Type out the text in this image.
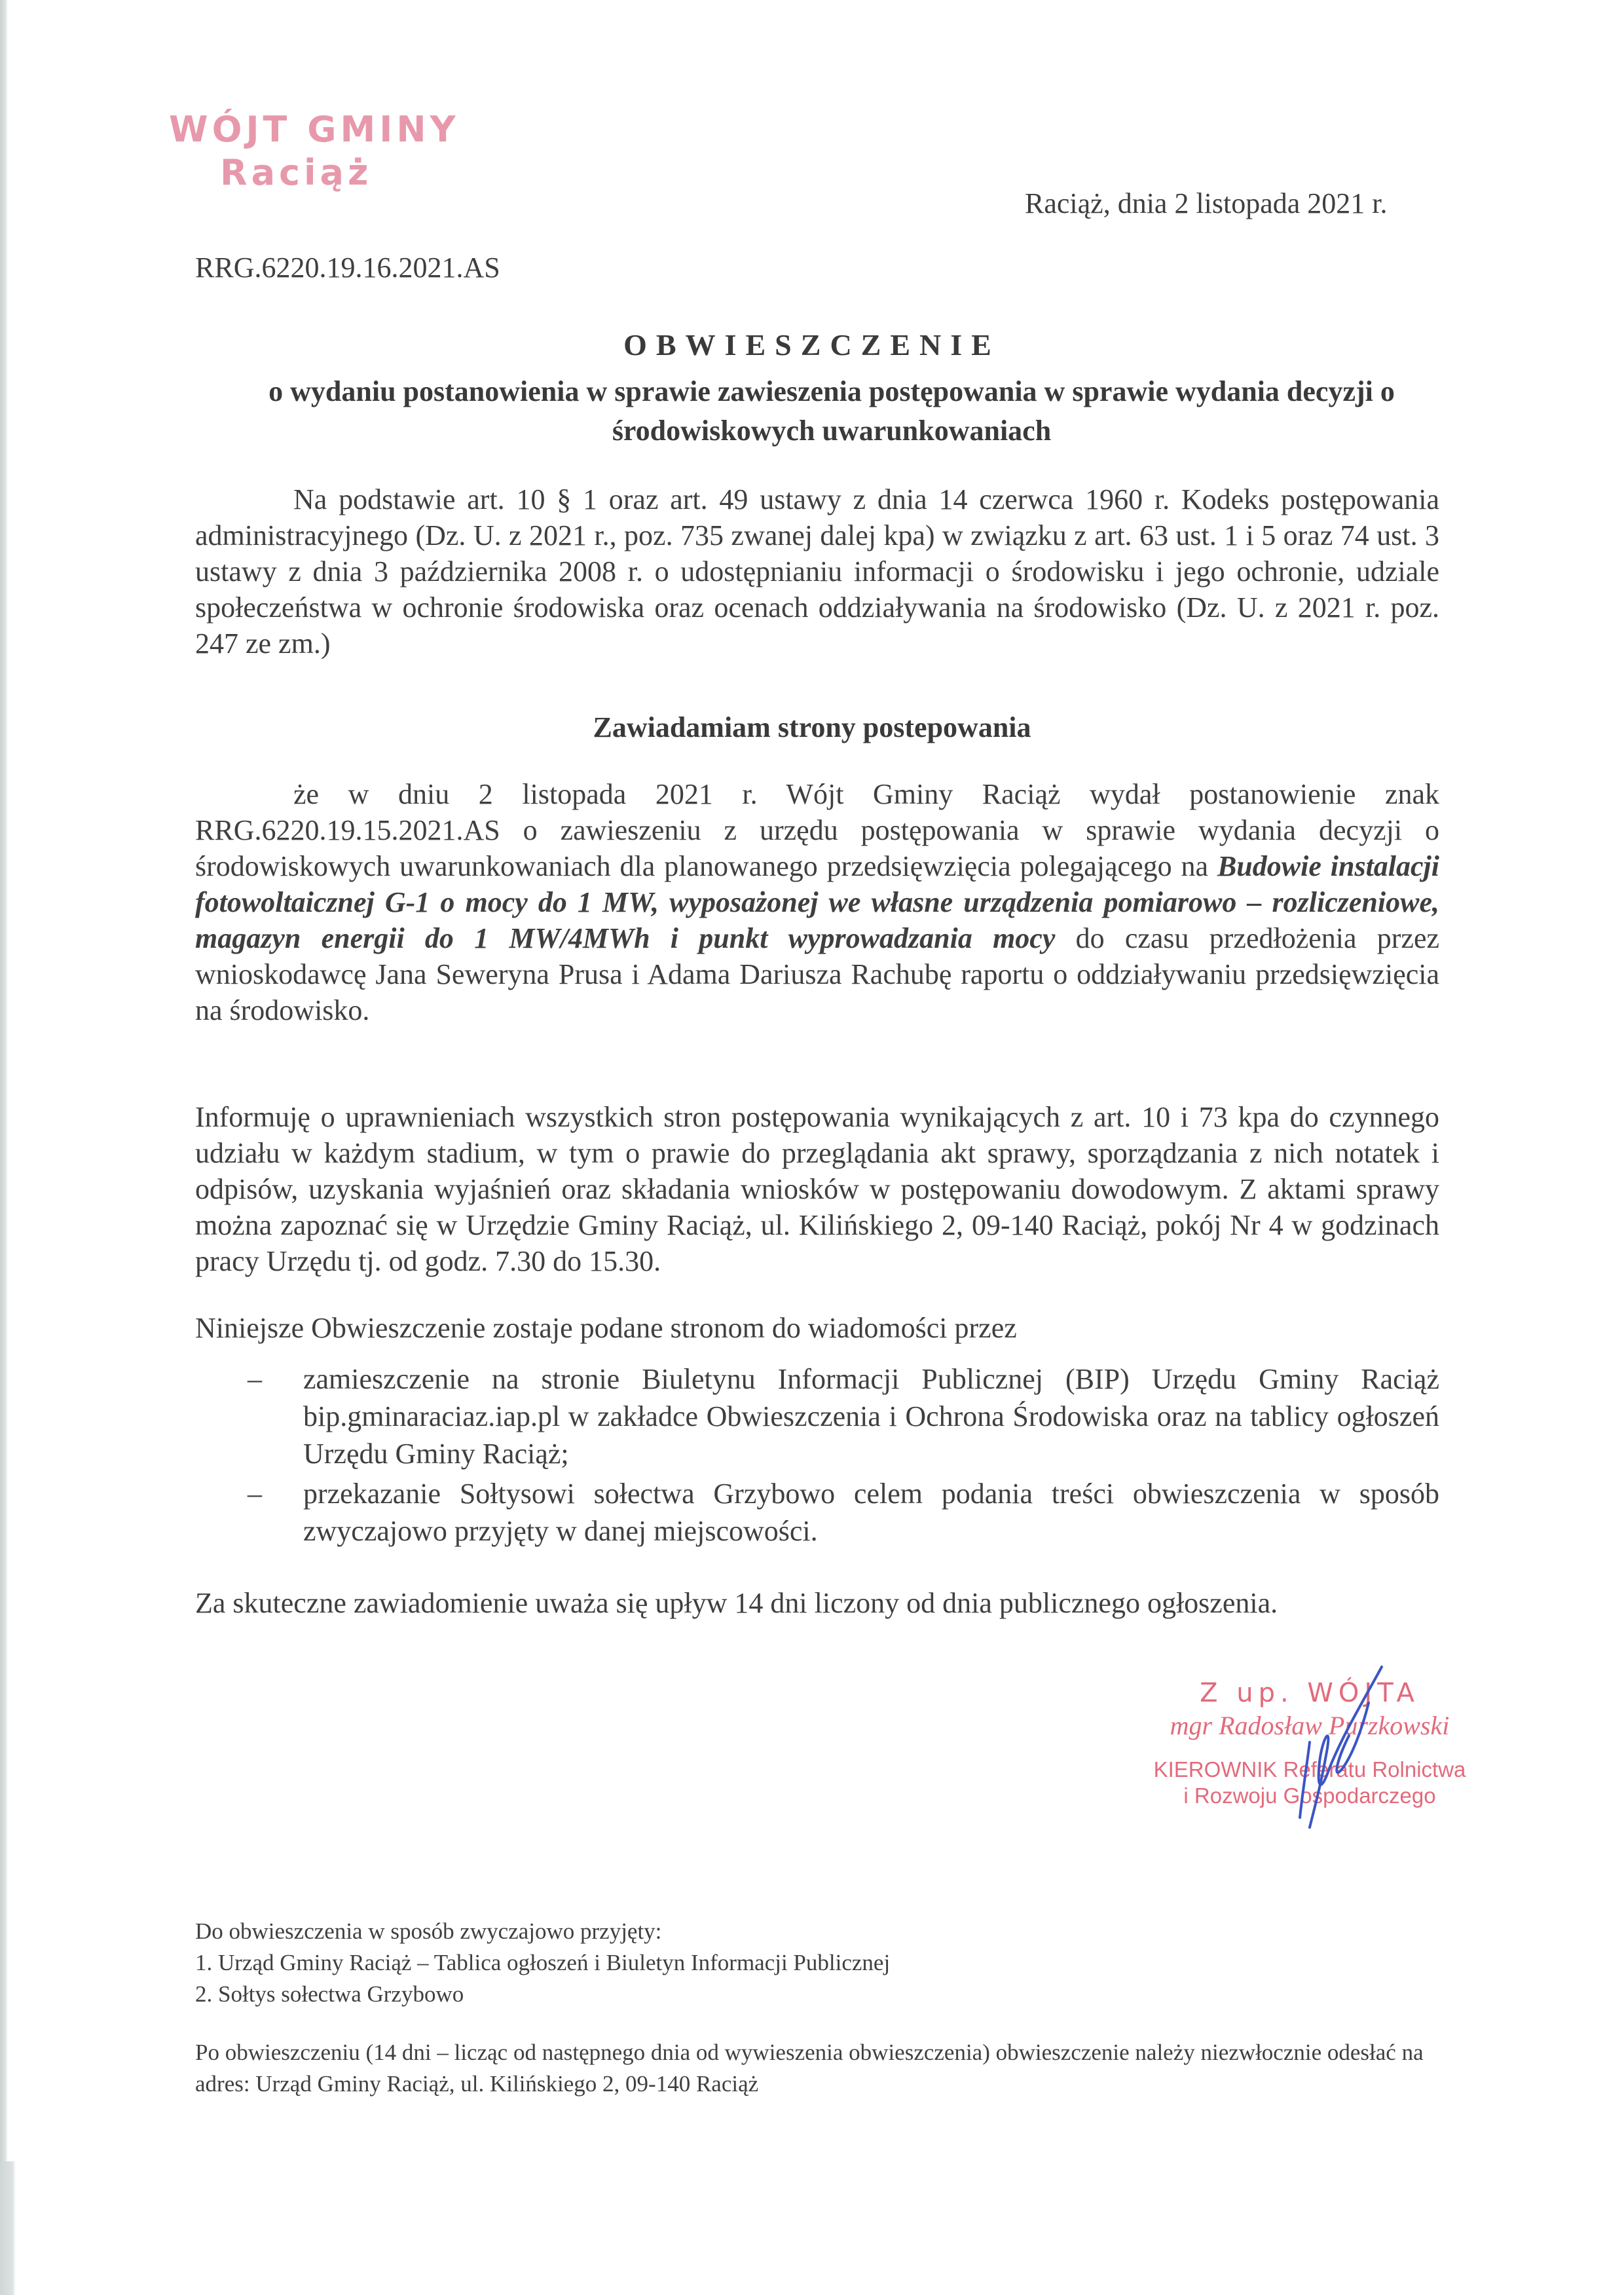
WÓJT GMINY
Raciąż
Raciąż, dnia 2 listopada 2021 r.
RRG.6220.19.16.2021.AS
OBWIESZCZENIE
o wydaniu postanowienia w sprawie zawieszenia postępowania w sprawie wydania decyzji o środowiskowych uwarunkowaniach
Na podstawie art. 10 § 1 oraz art. 49 ustawy z dnia 14 czerwca 1960 r. Kodeks postępowania administracyjnego (Dz. U. z 2021 r., poz. 735 zwanej dalej kpa) w związku z art. 63 ust. 1 i 5 oraz 74 ust. 3 ustawy z dnia 3 października 2008 r. o udostępnianiu informacji o środowisku i jego ochronie, udziale społeczeństwa w ochronie środowiska oraz ocenach oddziaływania na środowisko (Dz. U. z 2021 r. poz. 247 ze zm.)
Zawiadamiam strony postepowania
że w dniu 2 listopada 2021 r. Wójt Gminy Raciąż wydał postanowienie znak RRG.6220.19.15.2021.AS o zawieszeniu z urzędu postępowania w sprawie wydania decyzji o środowiskowych uwarunkowaniach dla planowanego przedsięwzięcia polegającego na Budowie instalacji fotowoltaicznej G-1 o mocy do 1 MW, wyposażonej we własne urządzenia pomiarowo – rozliczeniowe, magazyn energii do 1 MW/4MWh i punkt wyprowadzania mocy do czasu przedłożenia przez wnioskodawcę Jana Seweryna Prusa i Adama Dariusza Rachubę raportu o oddziaływaniu przedsięwzięcia na środowisko.
Informuję o uprawnieniach wszystkich stron postępowania wynikających z art. 10 i 73 kpa do czynnego udziału w każdym stadium, w tym o prawie do przeglądania akt sprawy, sporządzania z nich notatek i odpisów, uzyskania wyjaśnień oraz składania wniosków w postępowaniu dowodowym. Z aktami sprawy można zapoznać się w Urzędzie Gminy Raciąż, ul. Kilińskiego 2, 09-140 Raciąż, pokój Nr 4 w godzinach pracy Urzędu tj. od godz. 7.30 do 15.30.
Niniejsze Obwieszczenie zostaje podane stronom do wiadomości przez
–	zamieszczenie na stronie Biuletynu Informacji Publicznej (BIP) Urzędu Gminy Raciąż bip.gminaraciaz.iap.pl w zakładce Obwieszczenia i Ochrona Środowiska oraz na tablicy ogłoszeń Urzędu Gminy Raciąż;
–	przekazanie Sołtysowi sołectwa Grzybowo celem podania treści obwieszczenia w sposób zwyczajowo przyjęty w danej miejscowości.
Za skuteczne zawiadomienie uważa się upływ 14 dni liczony od dnia publicznego ogłoszenia.
Z up. WÓJTA
mgr Radosław Purzkowski
KIEROWNIK Referatu Rolnictwa
i Rozwoju Gospodarczego
Do obwieszczenia w sposób zwyczajowo przyjęty:
1. Urząd Gminy Raciąż – Tablica ogłoszeń i Biuletyn Informacji Publicznej
2. Sołtys sołectwa Grzybowo
Po obwieszczeniu (14 dni – licząc od następnego dnia od wywieszenia obwieszczenia) obwieszczenie należy niezwłocznie odesłać na adres: Urząd Gminy Raciąż, ul. Kilińskiego 2, 09-140 Raciąż
